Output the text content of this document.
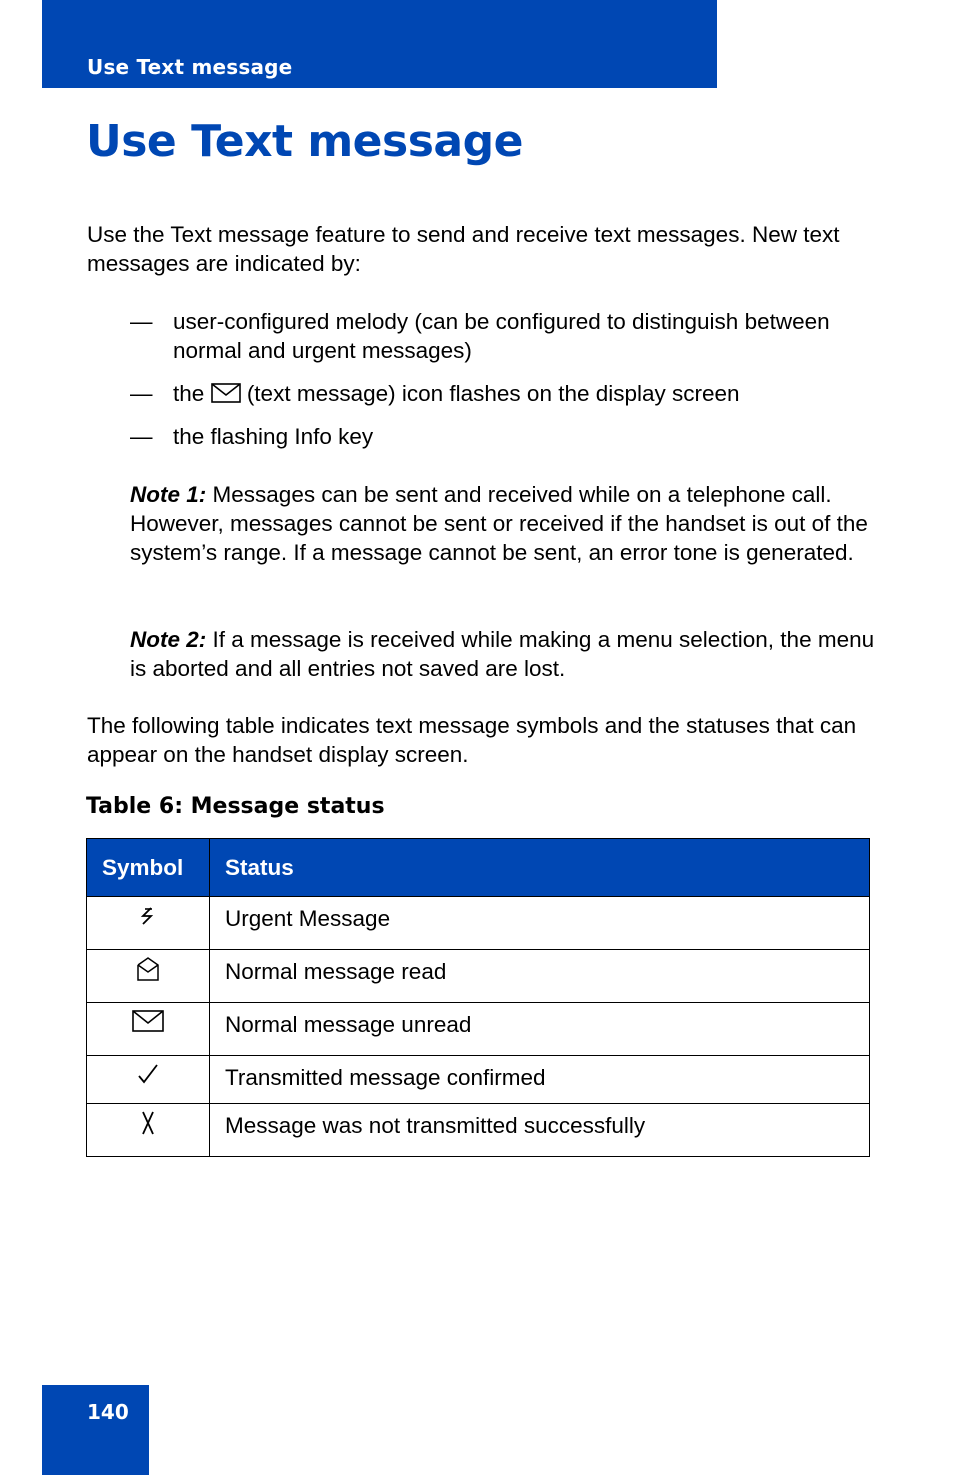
Use Text message
Use Text message

Use the Text message feature to send and receive text messages. New text messages are indicated by:

— user-configured melody (can be configured to distinguish between normal and urgent messages)
— the (text message) icon flashes on the display screen
— the flashing Info key

Note 1: Messages can be sent and received while on a telephone call. However, messages cannot be sent or received if the handset is out of the system’s range. If a message cannot be sent, an error tone is generated.

Note 2: If a message is received while making a menu selection, the menu is aborted and all entries not saved are lost.

The following table indicates text message symbols and the statuses that can appear on the handset display screen.

Table 6: Message status
Symbol	Status
	Urgent Message
	Normal message read
	Normal message unread
	Transmitted message confirmed
	Message was not transmitted successfully
140
